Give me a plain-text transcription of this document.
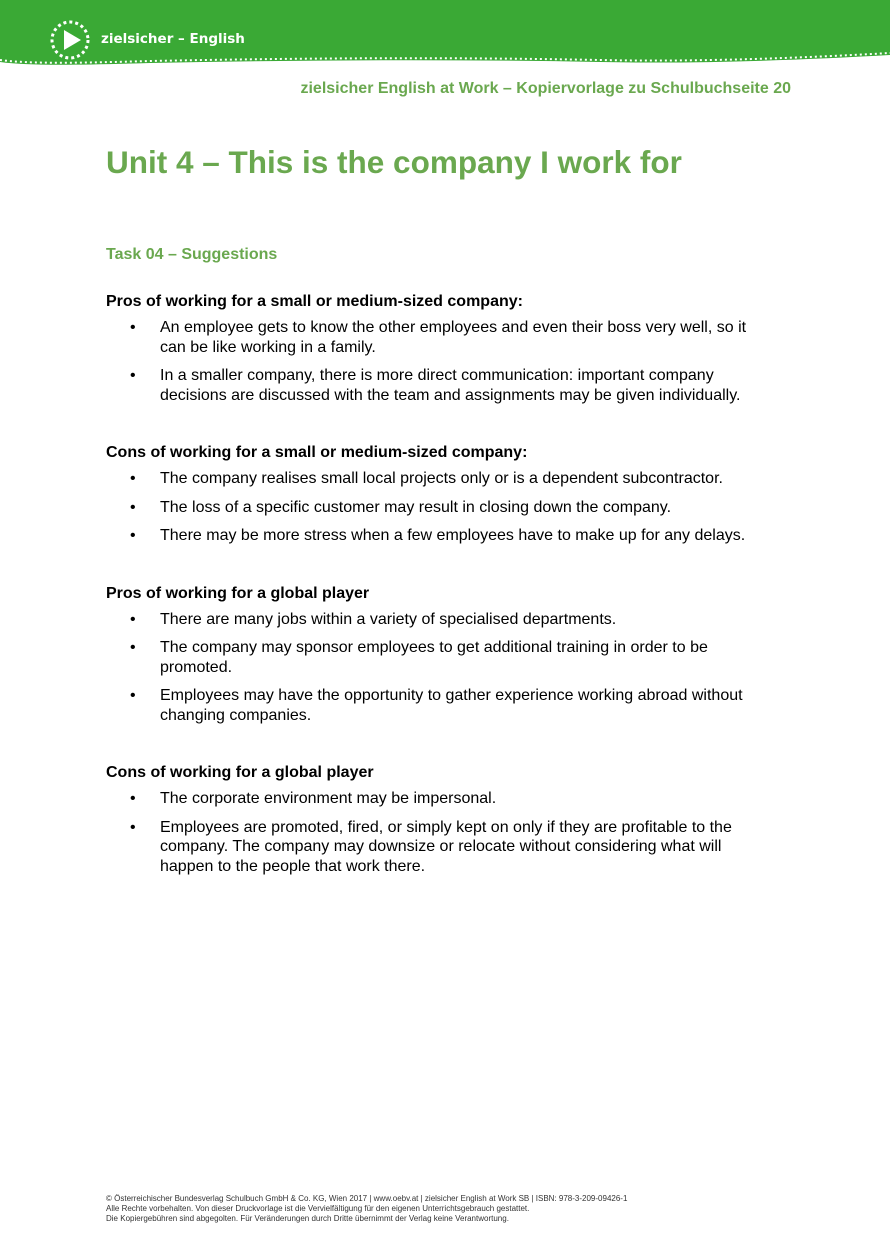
zielsicher – English
zielsicher English at Work – Kopiervorlage zu Schulbuchseite 20
Unit 4 – This is the company I work for
Task 04 – Suggestions
Pros of working for a small or medium-sized company:
• An employee gets to know the other employees and even their boss very well, so it can be like working in a family.
• In a smaller company, there is more direct communication: important company decisions are discussed with the team and assignments may be given individually.
Cons of working for a small or medium-sized company:
• The company realises small local projects only or is a dependent subcontractor.
• The loss of a specific customer may result in closing down the company.
• There may be more stress when a few employees have to make up for any delays.
Pros of working for a global player
• There are many jobs within a variety of specialised departments.
• The company may sponsor employees to get additional training in order to be promoted.
• Employees may have the opportunity to gather experience working abroad without changing companies.
Cons of working for a global player
• The corporate environment may be impersonal.
• Employees are promoted, fired, or simply kept on only if they are profitable to the company. The company may downsize or relocate without considering what will happen to the people that work there.
© Österreichischer Bundesverlag Schulbuch GmbH & Co. KG, Wien 2017 | www.oebv.at | zielsicher English at Work SB | ISBN: 978-3-209-09426-1
Alle Rechte vorbehalten. Von dieser Druckvorlage ist die Vervielfältigung für den eigenen Unterrichtsgebrauch gestattet.
Die Kopiergebühren sind abgegolten. Für Veränderungen durch Dritte übernimmt der Verlag keine Verantwortung.
